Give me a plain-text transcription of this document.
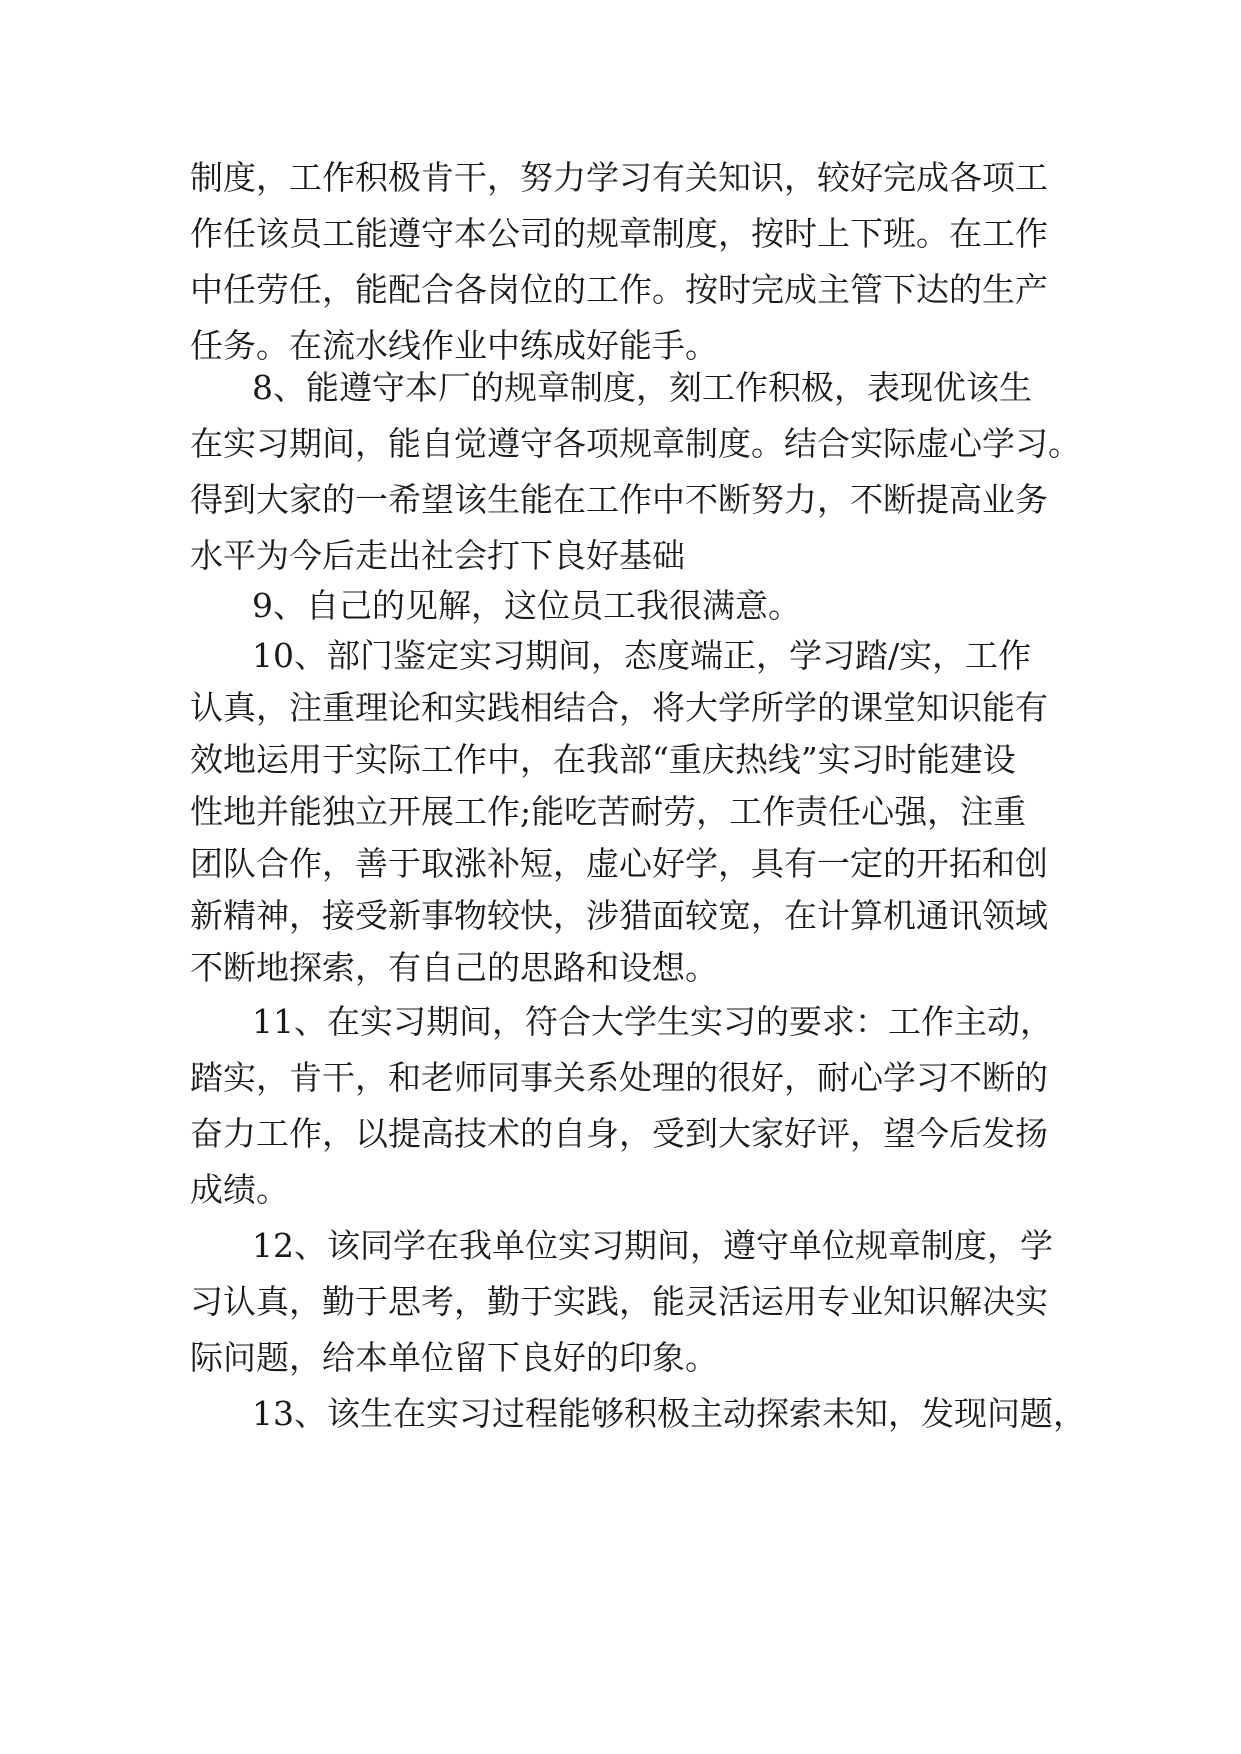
制度，工作积极肯干，努力学习有关知识，较好完成各项工
作任该员工能遵守本公司的规章制度，按时上下班。在工作
中任劳任，能配合各岗位的工作。按时完成主管下达的生产
任务。在流水线作业中练成好能手。
8、能遵守本厂的规章制度，刻工作积极，表现优该生
在实习期间，能自觉遵守各项规章制度。结合实际虚心学习。
得到大家的一希望该生能在工作中不断努力，不断提高业务
水平为今后走出社会打下良好基础
9、自己的见解，这位员工我很满意。
10、部门鉴定实习期间，态度端正，学习踏/实，工作
认真，注重理论和实践相结合，将大学所学的课堂知识能有
效地运用于实际工作中，在我部“重庆热线”实习时能建设
性地并能独立开展工作;能吃苦耐劳，工作责任心强，注重
团队合作，善于取涨补短，虚心好学，具有一定的开拓和创
新精神，接受新事物较快，涉猎面较宽，在计算机通讯领域
不断地探索，有自己的思路和设想。
11、在实习期间，符合大学生实习的要求：工作主动，
踏实，肯干，和老师同事关系处理的很好，耐心学习不断的
奋力工作，以提高技术的自身，受到大家好评，望今后发扬
成绩。
12、该同学在我单位实习期间，遵守单位规章制度，学
习认真，勤于思考，勤于实践，能灵活运用专业知识解决实
际问题，给本单位留下良好的印象。
13、该生在实习过程能够积极主动探索未知，发现问题，
